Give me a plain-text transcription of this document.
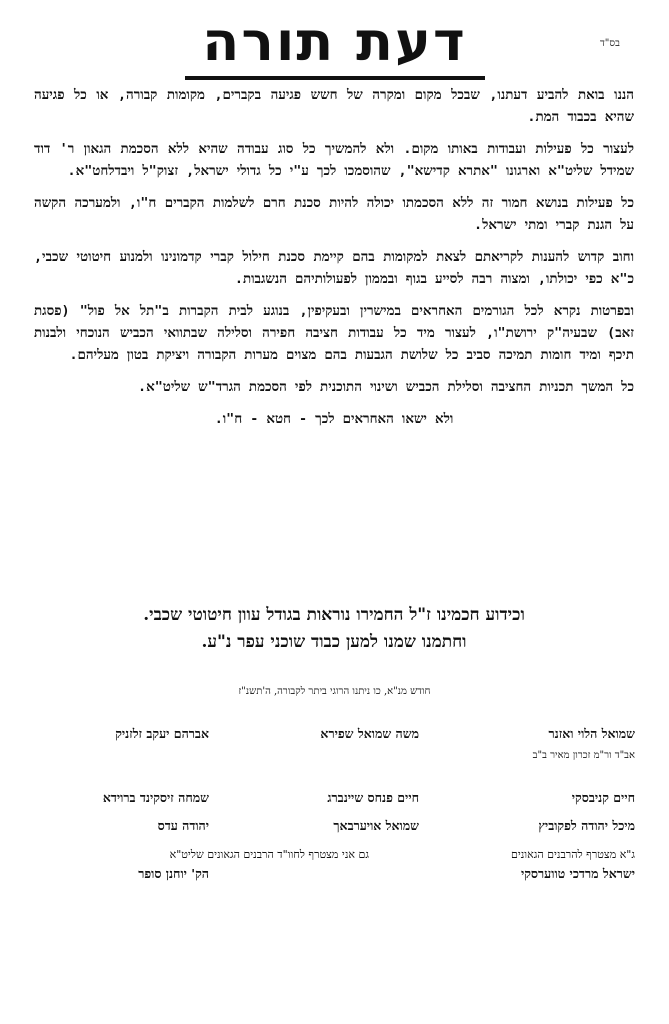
בס"ד
דעת תורה

הננו בואת להביע דעתנו, שבכל מקום ומקרה של חשש פגיעה בקברים, מקומות קבורה, או כל פגיעה שהיא בכבוד המת.

לעצור כל פעילות ועבודות באותו מקום. ולא להמשיך כל סוג עבודה שהיא ללא הסכמת הגאון ר' דוד שמידל שליט"א וארגונו "אתרא קדישא", שהוסמכו לכך ע"י כל גדולי ישראל, זצוק"ל ויבדלחט"א.

כל פעילות בנושא חמור זה ללא הסכמתו יכולה להיות סכנת חרם לשלמות הקברים ח"ו, ולמערכה הקשה על הגנת קברי ומתי ישראל.

וחוב קדוש להענות לקריאתם לצאת למקומות בהם קיימת סכנת חילול קברי קדמונינו ולמנוע חיטוטי שכבי, כ"א כפי יכולתו, ומצוה רבה לסייע בגוף ובממון לפעולותיהם הנשגבות.

ובפרטות נקרא לכל הגורמים האחראים במישרין ובעקיפין, בנוגע לבית הקברות ב"תל אל פול" (פסגת זאב) שבעיה"ק ירושת"ו, לעצור מיד כל עבודות חציבה חפירה וסלילה שבתוואי הכביש הנוכחי ולבנות תיכף ומיד חומות תמיכה סביב כל שלושת הגבעות בהם מצוים מערות הקבורה ויציקת בטון מעליהם.

כל המשך תכניות החציבה וסלילת הכביש ושינוי התוכנית לפי הסכמת הגרד"ש שליט"א.

ולא ישאו האחראים לכך - חטא - ח"ו.

וכידוע חכמינו ז"ל החמירו נוראות בגודל עוון חיטוטי שכבי.
וחתמנו שמנו למען כבוד שוכני עפר נ"ע.
חודש מנ"א, כו ניתנו הרוגי ביתר לקבורה, ה'תשנ"ז
שמואל הלוי ואזנר
משה שמואל שפירא
אברהם יעקב זלזניק
אב"ד ור"מ זכרון מאיר ב"ב
חיים קניבסקי
חיים פנחס שיינברג
שמחה זיסקינד ברוידא
מיכל יהודה לפקוביץ
שמואל אויערבאך
יהודה עדס
ג"א מצטרף להרבנים הגאונים
ישראל מרדכי טווערסקי
גם אני מצטרף לחוו"ד הרבנים הגאונים שליט"א
הק' יוחנן סופר
